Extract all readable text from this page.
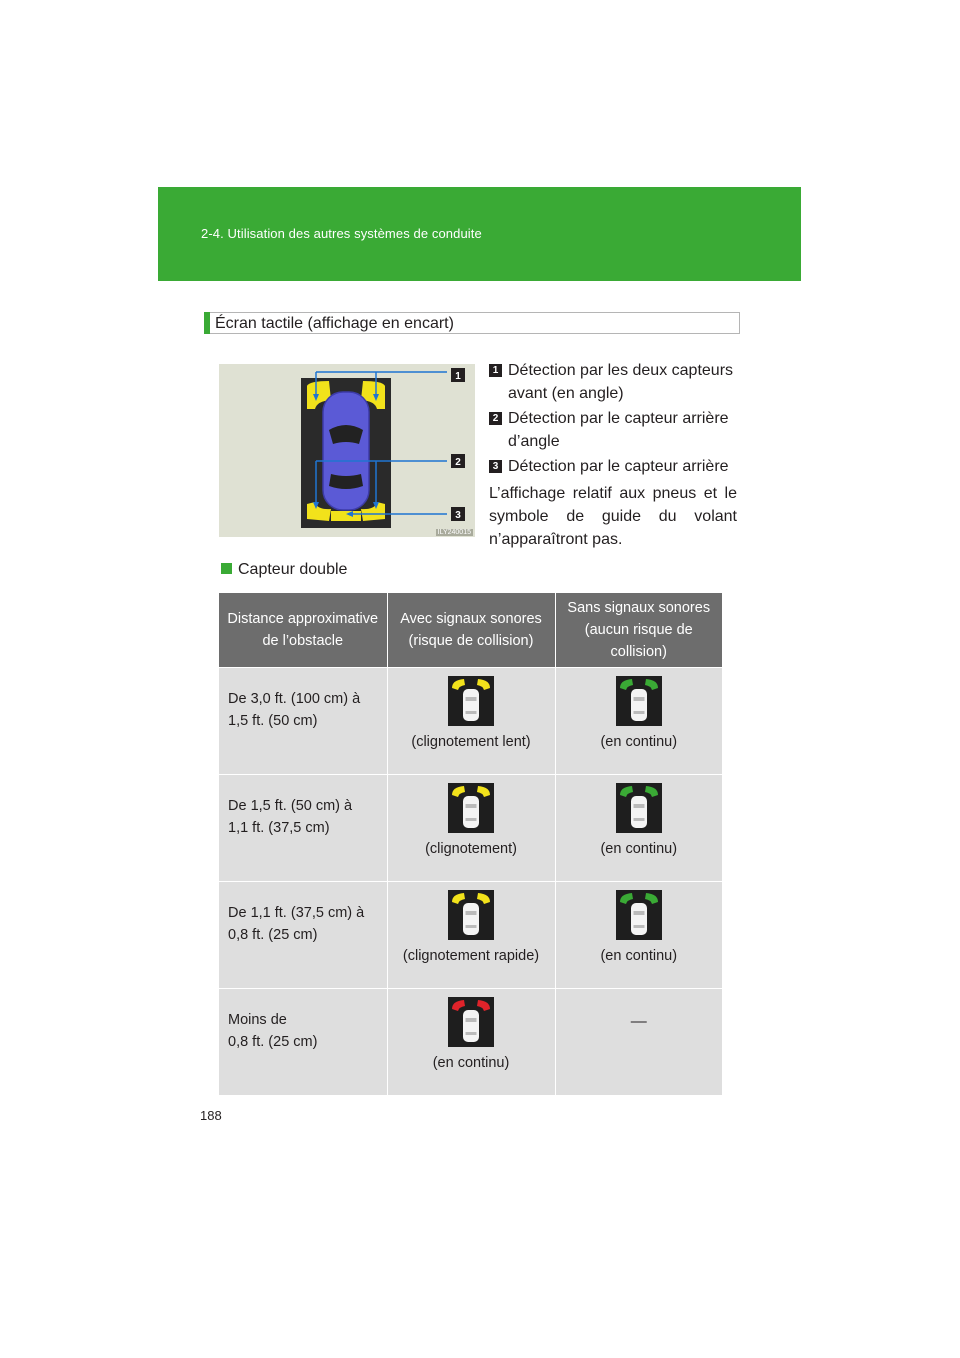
2-4. Utilisation des autres systèmes de conduite
Écran tactile (affichage en encart)
1
2
3
ILY240015
1 Détection par les deux capteurs avant (en angle)
2 Détection par le capteur arrière d’angle
3 Détection par le capteur arrière
L’affichage relatif aux pneus et le symbole de guide du volant n’apparaîtront pas.
Capteur double
Distance approximative de l’obstacle	Avec signaux sonores (risque de collision)	Sans signaux sonores (aucun risque de collision)

De 3,0 ft. (100 cm) à
1,5 ft. (50 cm)	(clignotement lent)	(en continu)

De 1,5 ft. (50 cm) à
1,1 ft. (37,5 cm)	(clignotement)	(en continu)

De 1,1 ft. (37,5 cm) à
0,8 ft. (25 cm)	(clignotement rapide)	(en continu)

Moins de
0,8 ft. (25 cm)	(en continu)	—
188
